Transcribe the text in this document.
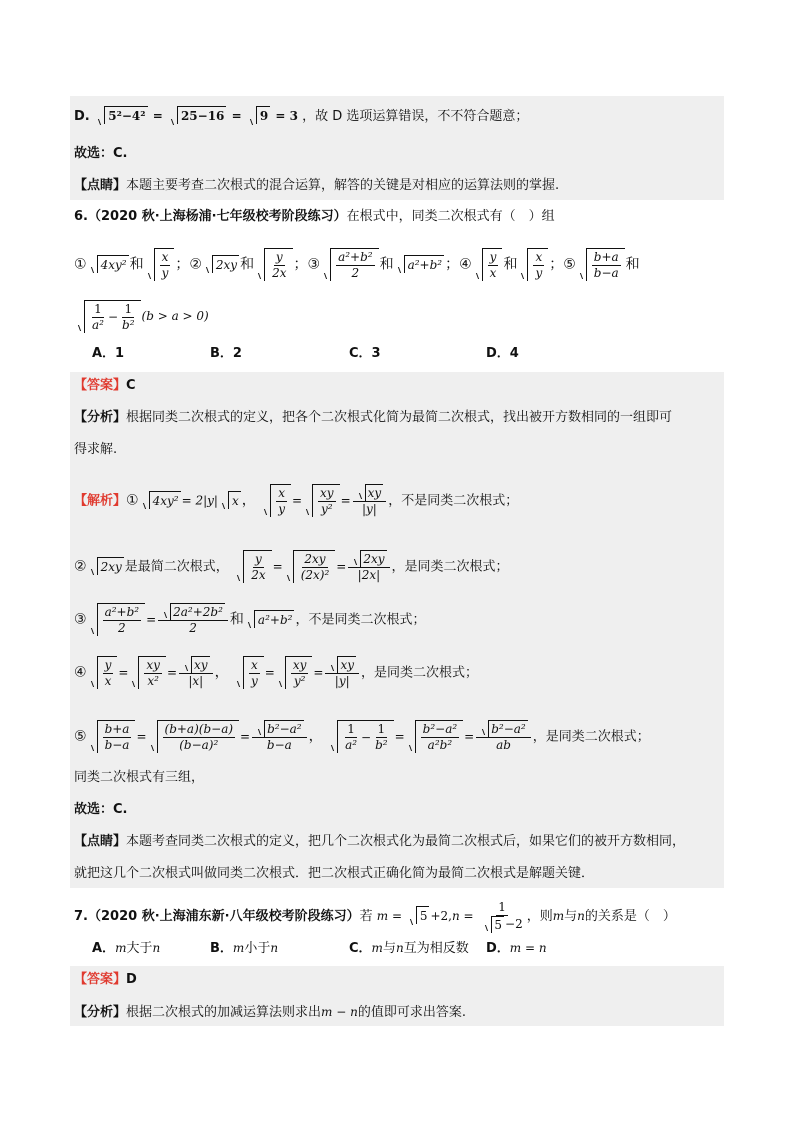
D. 5²−4² = 25−16 = 9 = 3 ，故 D 选项运算错误，不不符合题意；
故选：C.
【点睛】本题主要考查二次根式的混合运算，解答的关键是对相应的运算法则的掌握.
6.（2020 秋·上海杨浦·七年级校考阶段练习）在根式中，同类二次根式有（　）组
① 4xy² 和 $\frac{x}{y}$ ；② 2xy 和 $\frac{y}{2x}$ ；③ $\frac{\text{a²+b²}}{2}$ 和 a²+b² ；④ $\frac{y}{x}$ 和 $\frac{x}{y}$ ；⑤ $\frac{b+a}{b-a}$ 和
$\frac{1}{\text{a²}} - \frac{1}{\text{b²}} (b > a > 0)$
A．1	B．2	C．3	D．4
【答案】C
【分析】根据同类二次根式的定义，把各个二次根式化简为最简二次根式，找出被开方数相同的一组即可
得求解.
【解析】① 4xy² = 2|y| x ， $\frac{x}{y} = \frac{xy}{\text{y²}} = \frac{xy}{|y|}$ ，不是同类二次根式；
② 2xy 是最简二次根式， $\frac{y}{2x} = \frac{2xy}{\text{(2x)²}} = \frac{2xy}{|2x|}$ ，是同类二次根式；
③ $\frac{\text{a²+b²}}{2} = \frac{\text{2a²+2b²}}{2}$ 和 a²+b² ，不是同类二次根式；
④ $\frac{y}{x} = \frac{xy}{\text{x²}} = \frac{xy}{|x|}$ ， $\frac{x}{y} = \frac{xy}{\text{y²}} = \frac{xy}{|y|}$ ，是同类二次根式；
⑤ $\frac{b+a}{b-a} = \frac{(b+a)(b-a)}{\text{(b−a)²}} = \frac{\text{b²−a²}}{b-a}$ ， $\frac{1}{\text{a²}} - \frac{1}{\text{b²}} = \frac{\text{b²−a²}}{\text{a²b²}} = \frac{\text{b²−a²}}{ab}$ ，是同类二次根式；
同类二次根式有三组，
故选：C.
【点睛】本题考查同类二次根式的定义，把几个二次根式化为最简二次根式后，如果它们的被开方数相同，
就把这几个二次根式叫做同类二次根式．把二次根式正确化简为最简二次根式是解题关键．
7.（2020 秋·上海浦东新·八年级校考阶段练习）若 $m = 5 +2,n = \frac{1}{5 -2}$ ，则m与n的关系是（　）
A．m大于n	B．m小于n	C．m与n互为相反数 D．m = n
【答案】D
【分析】根据二次根式的加减运算法则求出m − n的值即可求出答案.
